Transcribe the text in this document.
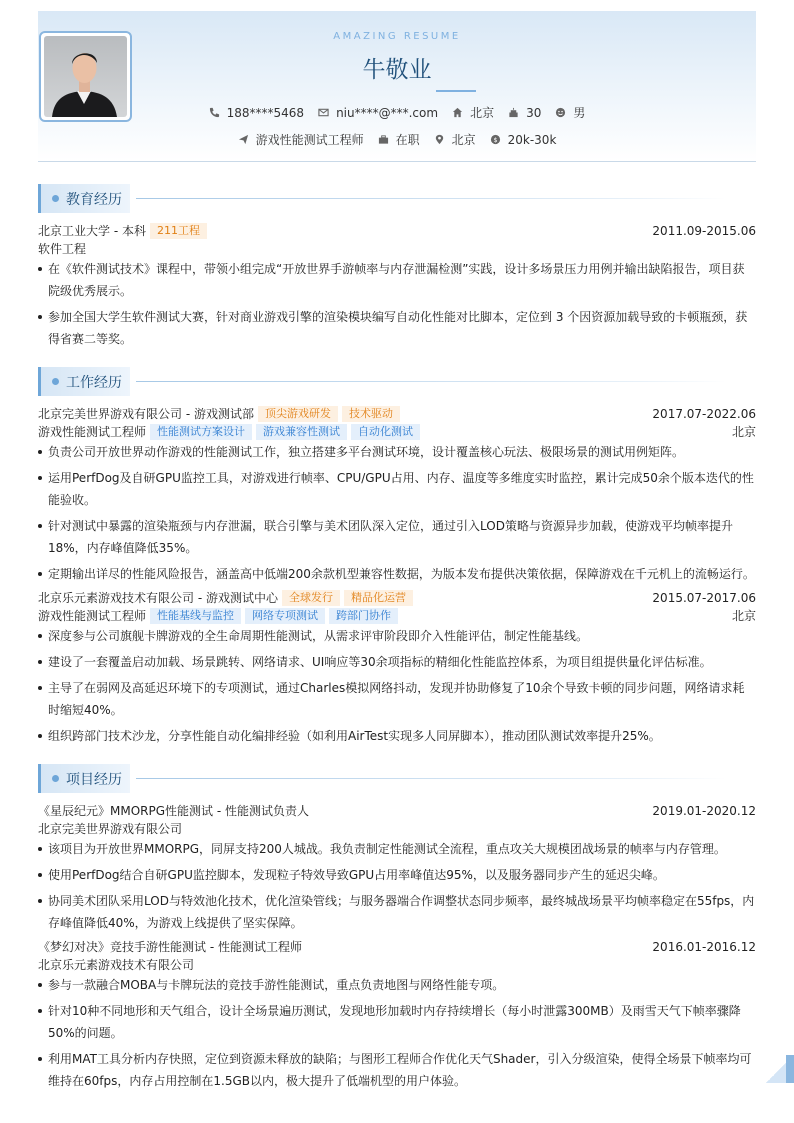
AMAZING RESUME
牛敬业
188****5468	niu****@***.com	北京	30	男
游戏性能测试工程师	在职	北京 $ 20k-30k
教育经历
北京工业大学 - 本科	211工程	2011.09-2015.06
软件工程
在《软件测试技术》课程中，带领小组完成“开放世界手游帧率与内存泄漏检测”实践，设计多场景压力用例并输出缺陷报告，项目获院级优秀展示。
参加全国大学生软件测试大赛，针对商业游戏引擎的渲染模块编写自动化性能对比脚本，定位到 3 个因资源加载导致的卡顿瓶颈，获得省赛二等奖。
工作经历
北京完美世界游戏有限公司 - 游戏测试部	顶尖游戏研发	技术驱动	2017.07-2022.06
游戏性能测试工程师	性能测试方案设计	游戏兼容性测试	自动化测试	北京
负责公司开放世界动作游戏的性能测试工作，独立搭建多平台测试环境，设计覆盖核心玩法、极限场景的测试用例矩阵。
运用PerfDog及自研GPU监控工具，对游戏进行帧率、CPU/GPU占用、内存、温度等多维度实时监控，累计完成50余个版本迭代的性能验收。
针对测试中暴露的渲染瓶颈与内存泄漏，联合引擎与美术团队深入定位，通过引入LOD策略与资源异步加载，使游戏平均帧率提升18%，内存峰值降低35%。
定期输出详尽的性能风险报告，涵盖高中低端200余款机型兼容性数据，为版本发布提供决策依据，保障游戏在千元机上的流畅运行。
北京乐元素游戏技术有限公司 - 游戏测试中心	全球发行	精品化运营	2015.07-2017.06
游戏性能测试工程师	性能基线与监控	网络专项测试	跨部门协作	北京
深度参与公司旗舰卡牌游戏的全生命周期性能测试，从需求评审阶段即介入性能评估，制定性能基线。
建设了一套覆盖启动加载、场景跳转、网络请求、UI响应等30余项指标的精细化性能监控体系，为项目组提供量化评估标准。
主导了在弱网及高延迟环境下的专项测试，通过Charles模拟网络抖动，发现并协助修复了10余个导致卡顿的同步问题，网络请求耗时缩短40%。
组织跨部门技术沙龙，分享性能自动化编排经验（如利用AirTest实现多人同屏脚本），推动团队测试效率提升25%。
项目经历
《星辰纪元》MMORPG性能测试 - 性能测试负责人	2019.01-2020.12
北京完美世界游戏有限公司
该项目为开放世界MMORPG，同屏支持200人城战。我负责制定性能测试全流程，重点攻关大规模团战场景的帧率与内存管理。
使用PerfDog结合自研GPU监控脚本，发现粒子特效导致GPU占用率峰值达95%，以及服务器同步产生的延迟尖峰。
协同美术团队采用LOD与特效池化技术，优化渲染管线；与服务器端合作调整状态同步频率，最终城战场景平均帧率稳定在55fps，内存峰值降低40%，为游戏上线提供了坚实保障。
《梦幻对决》竞技手游性能测试 - 性能测试工程师	2016.01-2016.12
北京乐元素游戏技术有限公司
参与一款融合MOBA与卡牌玩法的竞技手游性能测试，重点负责地图与网络性能专项。
针对10种不同地形和天气组合，设计全场景遍历测试，发现地形加载时内存持续增长（每小时泄露300MB）及雨雪天气下帧率骤降50%的问题。
利用MAT工具分析内存快照，定位到资源未释放的缺陷；与图形工程师合作优化天气Shader，引入分级渲染，使得全场景下帧率均可维持在60fps，内存占用控制在1.5GB以内，极大提升了低端机型的用户体验。
